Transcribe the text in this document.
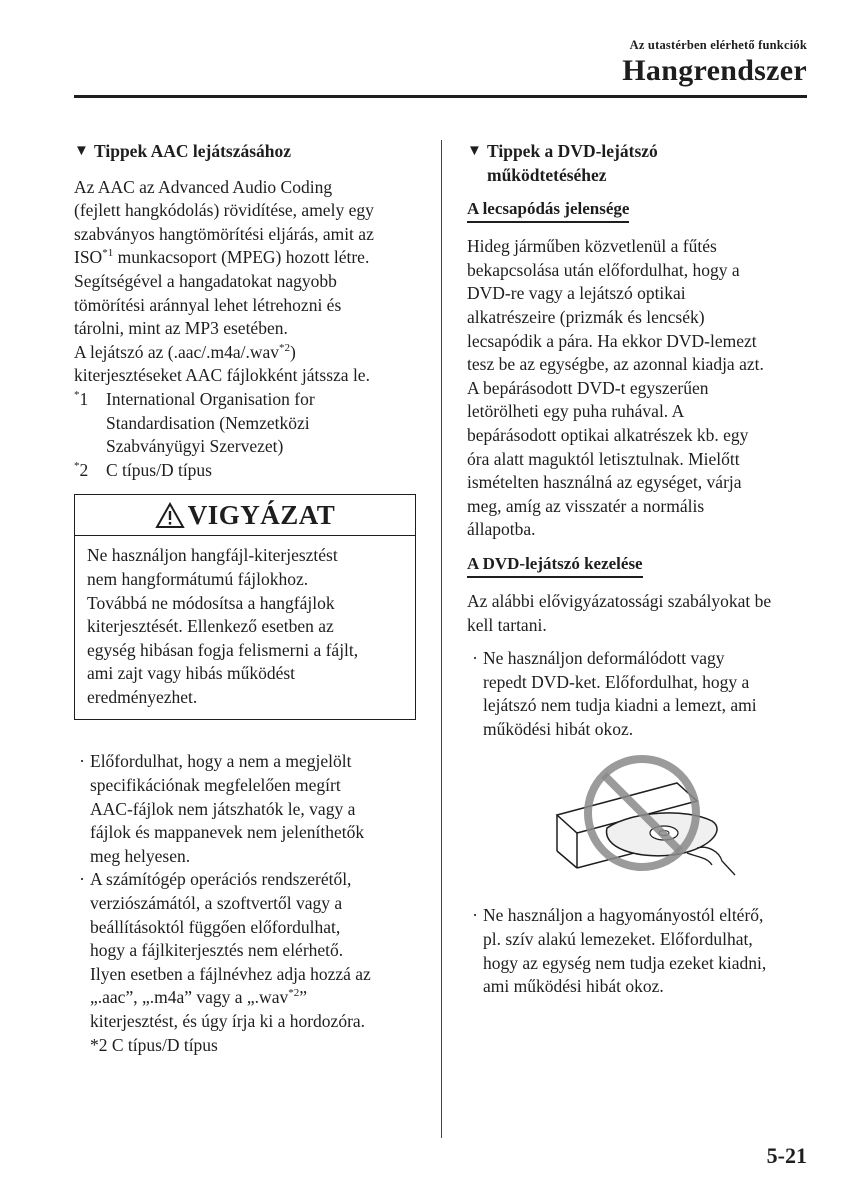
Az utastérben elérhető funkciók
Hangrendszer

▼ Tippek AAC lejátszásához

Az AAC az Advanced Audio Coding
(fejlett hangkódolás) rövidítése, amely egy
szabványos hangtömörítési eljárás, amit az
ISO$^{*1}$ munkacsoport (MPEG) hozott létre.
Segítségével a hangadatokat nagyobb
tömörítési aránnyal lehet létrehozni és
tárolni, mint az MP3 esetében.
A lejátszó az (.aac/.m4a/.wav$^{*2}$)
kiterjesztéseket AAC fájlokként játssza le.

*1	International Organisation for
Standardisation (Nemzetközi
Szabványügyi Szervezet)
*2	C típus/D típus
VIGYÁZAT

Ne használjon hangfájl-kiterjesztést
nem hangformátumú fájlokhoz.
Továbbá ne módosítsa a hangfájlok
kiterjesztését. Ellenkező esetben az
egység hibásan fogja felismerni a fájlt,
ami zajt vagy hibás működést
eredményezhet.

· Előfordulhat, hogy a nem a megjelölt
specifikációnak megfelelően megírt
AAC-fájlok nem játszhatók le, vagy a
fájlok és mappanevek nem jeleníthetők
meg helyesen.
· A számítógép operációs rendszerétől,
verziószámától, a szoftvertől vagy a
beállításoktól függően előfordulhat,
hogy a fájlkiterjesztés nem elérhető.
Ilyen esetben a fájlnévhez adja hozzá az
„.aac”, „.m4a” vagy a „.wav$^{*2}$”
kiterjesztést, és úgy írja ki a hordozóra.
*2 C típus/D típus

▼ Tippek a DVD-lejátszó
működtetéséhez

A lecsapódás jelensége

Hideg járműben közvetlenül a fűtés
bekapcsolása után előfordulhat, hogy a
DVD-re vagy a lejátszó optikai
alkatrészeire (prizmák és lencsék)
lecsapódik a pára. Ha ekkor DVD-lemezt
tesz be az egységbe, az azonnal kiadja azt.
A bepárásodott DVD-t egyszerűen
letörölheti egy puha ruhával. A
bepárásodott optikai alkatrészek kb. egy
óra alatt maguktól letisztulnak. Mielőtt
ismételten használná az egységet, várja
meg, amíg az visszatér a normális
állapotba.

A DVD-lejátszó kezelése

Az alábbi elővigyázatossági szabályokat be
kell tartani.

· Ne használjon deformálódott vagy
repedt DVD-ket. Előfordulhat, hogy a
lejátszó nem tudja kiadni a lemezt, ami
működési hibát okoz.
· Ne használjon a hagyományostól eltérő,
pl. szív alakú lemezeket. Előfordulhat,
hogy az egység nem tudja ezeket kiadni,
ami működési hibát okoz.
5-21
